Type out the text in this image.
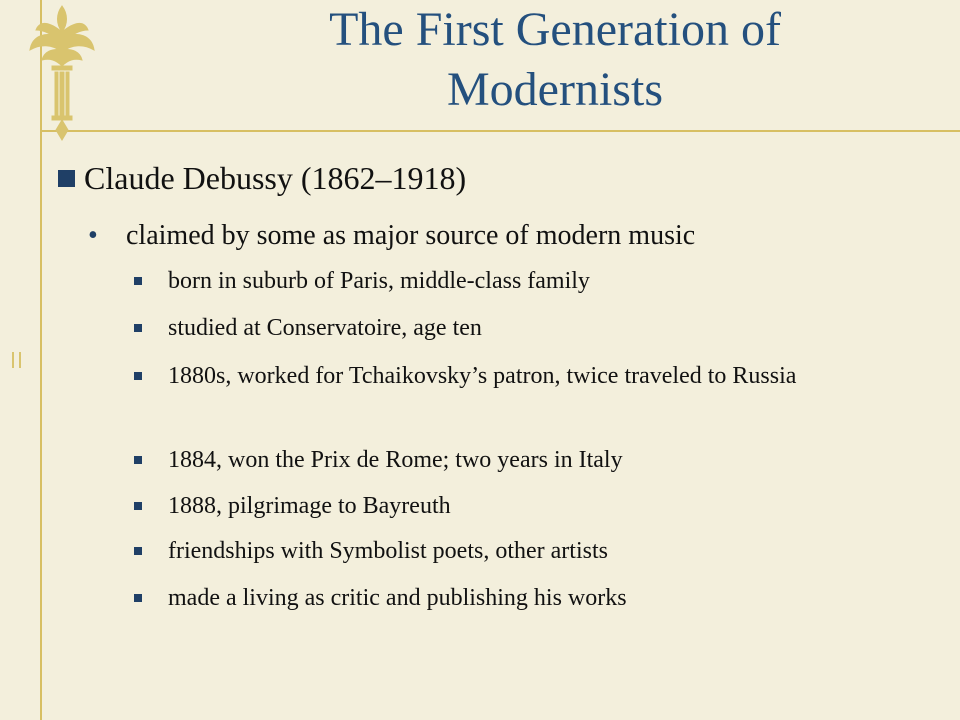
The First Generation of
Modernists
Claude Debussy (1862–1918)
• claimed by some as major source of modern music
born in suburb of Paris, middle-class family
studied at Conservatoire, age ten
1880s, worked for Tchaikovsky’s patron, twice traveled to Russia
1884, won the Prix de Rome; two years in Italy
1888, pilgrimage to Bayreuth
friendships with Symbolist poets, other artists
made a living as critic and publishing his works
